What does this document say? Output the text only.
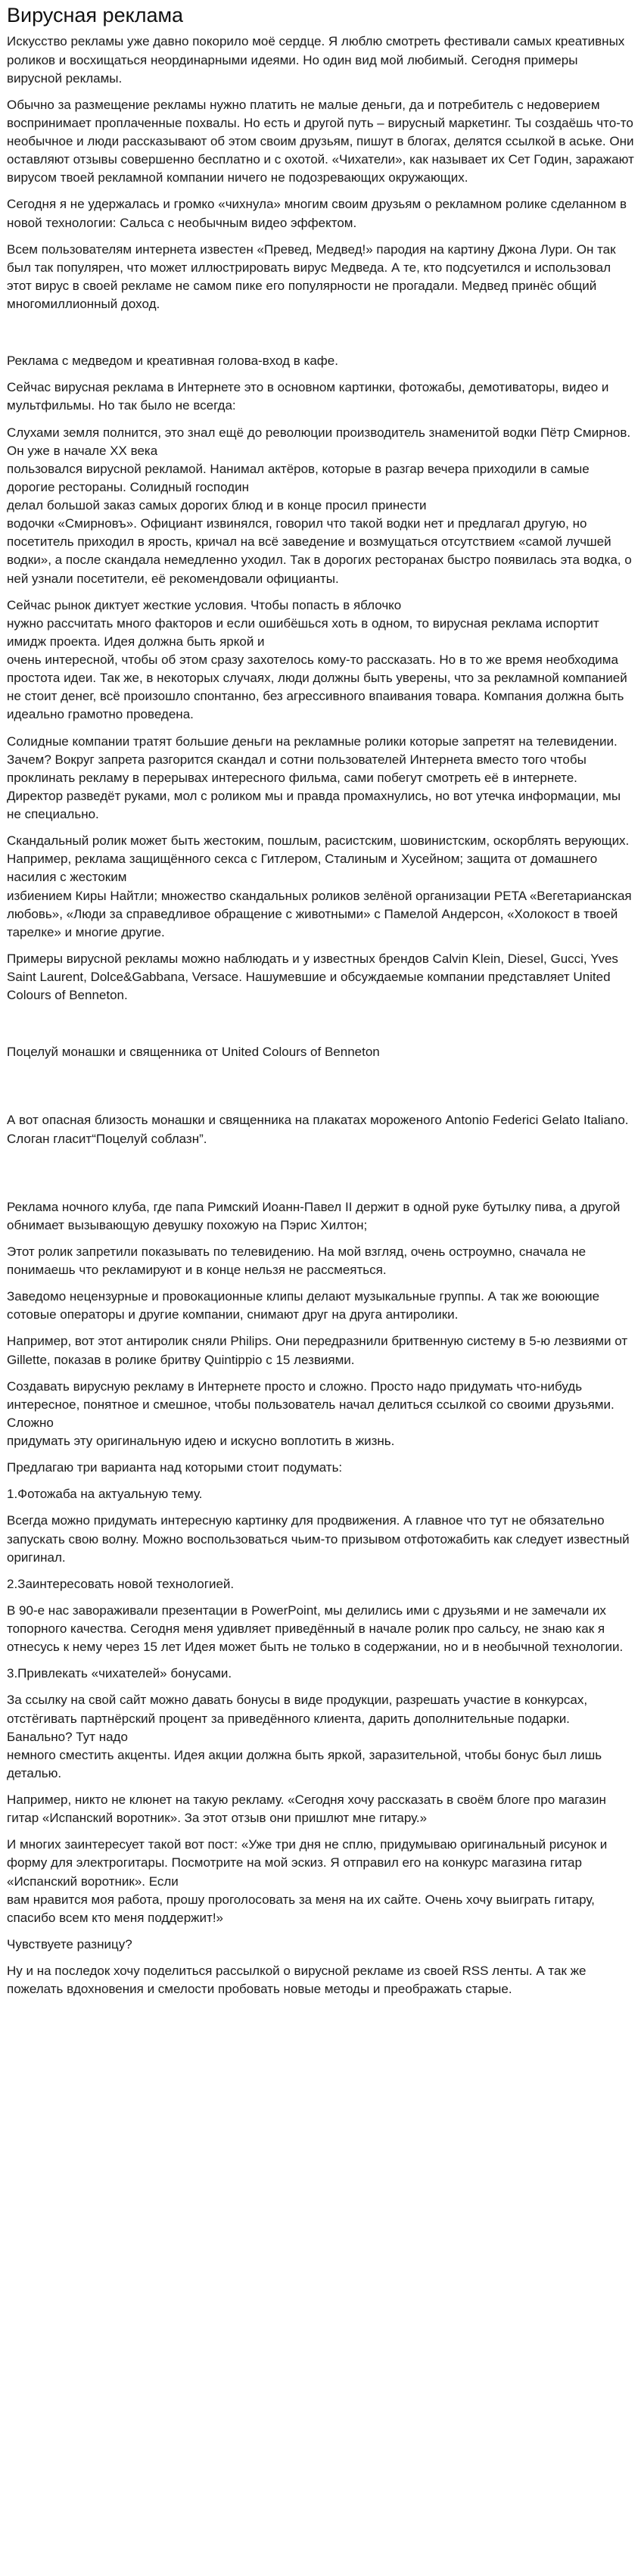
Вирусная реклама

Искусство рекламы уже давно покорило моё сердце. Я люблю смотреть фестивали самых креативных роликов и восхищаться неординарными идеями. Но один вид мой любимый. Сегодня примеры вирусной рекламы.

Обычно за размещение рекламы нужно платить не малые деньги, да и потребитель с недоверием воспринимает проплаченные похвалы. Но есть и другой путь – вирусный маркетинг. Ты создаёшь что-то необычное и люди рассказывают об этом своим друзьям, пишут в блогах, делятся ссылкой в аське. Они оставляют отзывы совершенно бесплатно и с охотой. «Чихатели», как называет их Сет Годин, заражают вирусом твоей рекламной компании ничего не подозревающих окружающих.

Сегодня я не удержалась и громко «чихнула» многим своим друзьям о рекламном ролике сделанном в новой технологии: Сальса с необычным видео эффектом.

Всем пользователям интернета известен «Превед, Медвед!» пародия на картину Джона Лури. Он так был так популярен, что может иллюстрировать вирус Медведа. А те, кто подсуетился и использовал этот вирус в своей рекламе не самом пике его популярности не прогадали. Медвед принёс общий многомиллионный доход.

Реклама с медведом и креативная голова-вход в кафе.

Сейчас вирусная реклама в Интернете это в основном картинки, фотожабы, демотиваторы, видео и мультфильмы. Но так было не всегда:

Слухами земля полнится, это знал ещё до революции производитель знаменитой водки Пётр Смирнов. Он уже в начале XX века
пользовался вирусной рекламой. Нанимал актёров, которые в разгар вечера приходили в самые дорогие рестораны. Солидный господин
делал большой заказ самых дорогих блюд и в конце просил принести
водочки «Смирновъ». Официант извинялся, говорил что такой водки нет и предлагал другую, но посетитель приходил в ярость, кричал на всё заведение и возмущаться отсутствием «самой лучшей водки», а после скандала немедленно уходил. Так в дорогих ресторанах быстро появилась эта водка, о ней узнали посетители, её рекомендовали официанты.

Сейчас рынок диктует жесткие условия. Чтобы попасть в яблочко
нужно рассчитать много факторов и если ошибёшься хоть в одном, то вирусная реклама испортит имидж проекта. Идея должна быть яркой и
очень интересной, чтобы об этом сразу захотелось кому-то рассказать. Но в то же время необходима простота идеи. Так же, в некоторых случаях, люди должны быть уверены, что за рекламной компанией не стоит денег, всё произошло спонтанно, без агрессивного впаивания товара. Компания должна быть идеально грамотно проведена.

Солидные компании тратят большие деньги на рекламные ролики которые запретят на телевидении. Зачем? Вокруг запрета разгорится скандал и сотни пользователей Интернета вместо того чтобы проклинать рекламу в перерывах интересного фильма, сами побегут смотреть её в интернете. Директор разведёт руками, мол с роликом мы и правда промахнулись, но вот утечка информации, мы не специально.

Скандальный ролик может быть жестоким, пошлым, расистским, шовинистским, оскорблять верующих. Например, реклама защищённого секса с Гитлером, Сталиным и Хусейном; защита от домашнего насилия с жестоким
избиением Киры Найтли; множество скандальных роликов зелёной организации PETA «Вегетарианская любовь», «Люди за справедливое обращение с животными» с Памелой Андерсон, «Холокост в твоей тарелке» и многие другие.

Примеры вирусной рекламы можно наблюдать и у известных брендов Calvin Klein, Diesel, Gucci, Yves Saint Laurent, Dolce&Gabbana, Versace. Нашумевшие и обсуждаемые компании представляет United Colours of Benneton.

Поцелуй монашки и священника от United Colours of Benneton

А вот опасная близость монашки и священника на плакатах мороженого Antonio Federici Gelato Italiano. Слоган гласит“Поцелуй соблазн”.

Реклама ночного клуба, где папа Римский Иоанн-Павел II держит в одной руке бутылку пива, а другой обнимает вызывающую девушку похожую на Пэрис Хилтон;

Этот ролик запретили показывать по телевидению. На мой взгляд, очень остроумно, сначала не понимаешь что рекламируют и в конце нельзя не рассмеяться.

Заведомо нецензурные и провокационные клипы делают музыкальные группы. А так же воюющие сотовые операторы и другие компании, снимают друг на друга антиролики.

Например, вот этот антиролик сняли Philips. Они передразнили бритвенную систему в 5-ю лезвиями от Gillette, показав в ролике бритву Quintippio с 15 лезвиями.

Создавать вирусную рекламу в Интернете просто и сложно. Просто надо придумать что-нибудь интересное, понятное и смешное, чтобы пользователь начал делиться ссылкой со своими друзьями. Сложно
придумать эту оригинальную идею и искусно воплотить в жизнь.

Предлагаю три варианта над которыми стоит подумать:

1.Фотожаба на актуальную тему.

Всегда можно придумать интересную картинку для продвижения. А главное что тут не обязательно запускать свою волну. Можно воспользоваться чьим-то призывом отфотожабить как следует известный оригинал.

2.Заинтересовать новой технологией.

В 90-е нас завораживали презентации в PowerPoint, мы делились ими с друзьями и не замечали их топорного качества. Сегодня меня удивляет приведённый в начале ролик про сальсу, не знаю как я отнесусь к нему через 15 лет Идея может быть не только в содержании, но и в необычной технологии.

3.Привлекать «чихателей» бонусами.

За ссылку на свой сайт можно давать бонусы в виде продукции, разрешать участие в конкурсах, отстёгивать партнёрский процент за приведённого клиента, дарить дополнительные подарки. Банально? Тут надо
немного сместить акценты. Идея акции должна быть яркой, заразительной, чтобы бонус был лишь деталью.

Например, никто не клюнет на такую рекламу. «Сегодня хочу рассказать в своём блоге про магазин гитар «Испанский воротник». За этот отзыв они пришлют мне гитару.»

И многих заинтересует такой вот пост: «Уже три дня не сплю, придумываю оригинальный рисунок и форму для электрогитары. Посмотрите на мой эскиз. Я отправил его на конкурс магазина гитар «Испанский воротник». Если
вам нравится моя работа, прошу проголосовать за меня на их сайте. Очень хочу выиграть гитару, спасибо всем кто меня поддержит!»

Чувствуете разницу?

Ну и на последок хочу поделиться рассылкой о вирусной рекламе из своей RSS ленты. А так же пожелать вдохновения и смелости пробовать новые методы и преображать старые.
